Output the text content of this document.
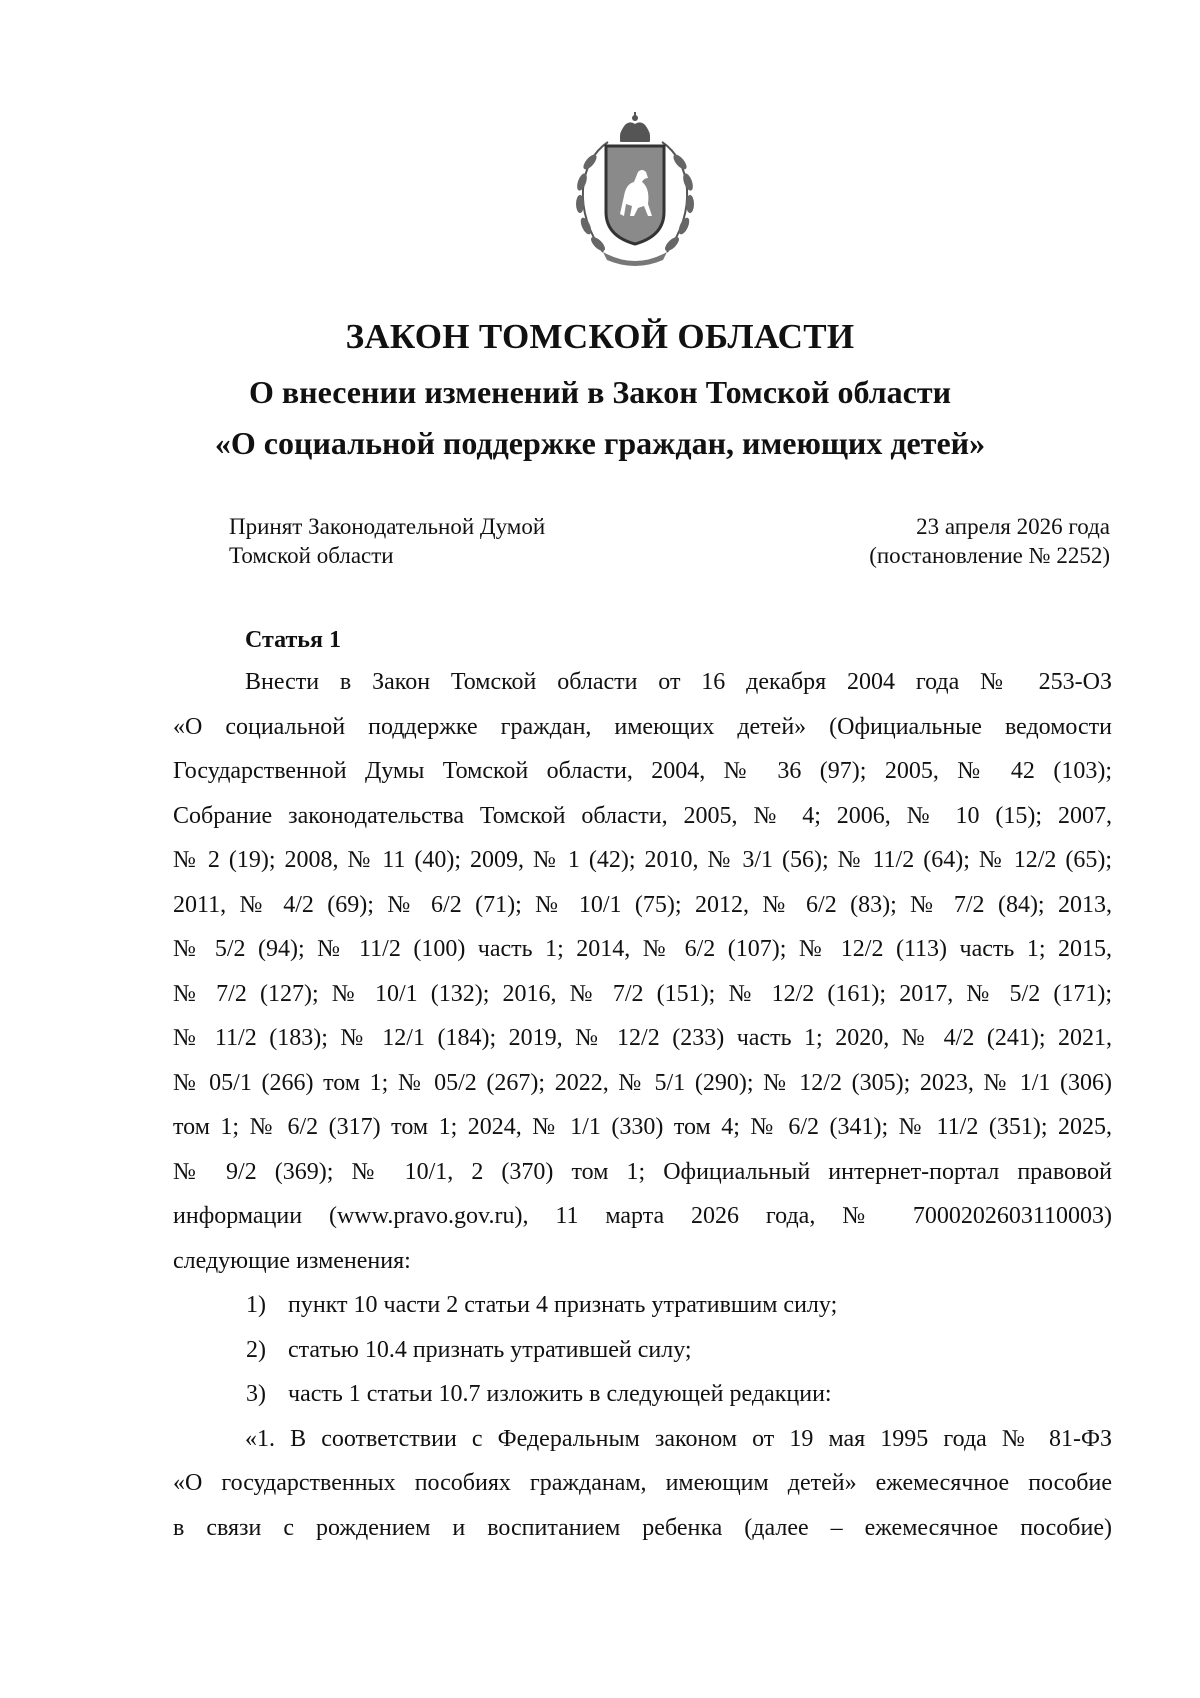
ЗАКОН ТОМСКОЙ ОБЛАСТИ
О внесении изменений в Закон Томской области
«О социальной поддержке граждан, имеющих детей»
Принят Законодательной Думой
Томской области
23 апреля 2026 года
(постановление № 2252)
Статья 1
Внести в Закон Томской области от 16 декабря 2004 года № 253-ОЗ
«О социальной поддержке граждан, имеющих детей» (Официальные ведомости
Государственной Думы Томской области, 2004, № 36 (97); 2005, № 42 (103);
Собрание законодательства Томской области, 2005, № 4; 2006, № 10 (15); 2007,
№ 2 (19); 2008, № 11 (40); 2009, № 1 (42); 2010, № 3/1 (56); № 11/2 (64); № 12/2 (65);
2011, № 4/2 (69); № 6/2 (71); № 10/1 (75); 2012, № 6/2 (83); № 7/2 (84); 2013,
№ 5/2 (94); № 11/2 (100) часть 1; 2014, № 6/2 (107); № 12/2 (113) часть 1; 2015,
№ 7/2 (127); № 10/1 (132); 2016, № 7/2 (151); № 12/2 (161); 2017, № 5/2 (171);
№ 11/2 (183); № 12/1 (184); 2019, № 12/2 (233) часть 1; 2020, № 4/2 (241); 2021,
№ 05/1 (266) том 1; № 05/2 (267); 2022, № 5/1 (290); № 12/2 (305); 2023, № 1/1 (306)
том 1; № 6/2 (317) том 1; 2024, № 1/1 (330) том 4; № 6/2 (341); № 11/2 (351); 2025,
№ 9/2 (369); № 10/1, 2 (370) том 1; Официальный интернет-портал правовой
информации (www.pravo.gov.ru), 11 марта 2026 года, № 7000202603110003)
следующие изменения:
1) пункт 10 части 2 статьи 4 признать утратившим силу;
2) статью 10.4 признать утратившей силу;
3) часть 1 статьи 10.7 изложить в следующей редакции:
«1. В соответствии с Федеральным законом от 19 мая 1995 года № 81-ФЗ
«О государственных пособиях гражданам, имеющим детей» ежемесячное пособие
в связи с рождением и воспитанием ребенка (далее – ежемесячное пособие)
